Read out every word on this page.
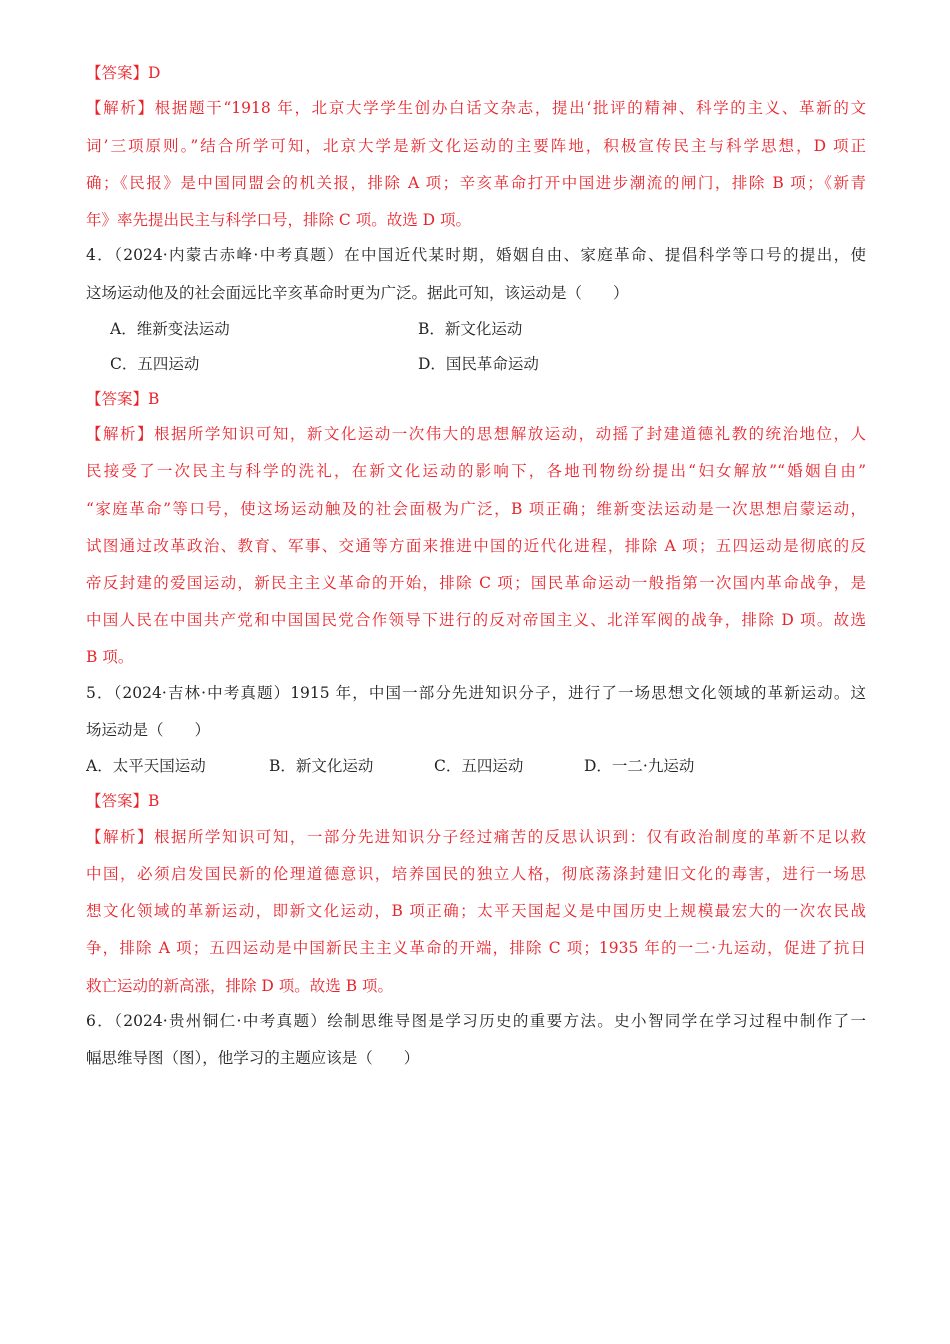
【答案】D
【解析】根据题干“1918 年，北京大学学生创办白话文杂志，提出‘批评的精神、科学的主义、革新的文
词’三项原则。”结合所学可知，北京大学是新文化运动的主要阵地，积极宣传民主与科学思想，D 项正
确；《民报》是中国同盟会的机关报，排除 A 项；辛亥革命打开中国进步潮流的闸门，排除 B 项；《新青
年》率先提出民主与科学口号，排除 C 项。故选 D 项。
4．（2024·内蒙古赤峰·中考真题）在中国近代某时期，婚姻自由、家庭革命、提倡科学等口号的提出，使
这场运动他及的社会面远比辛亥革命时更为广泛。据此可知，该运动是（　　）
A．维新变法运动	B．新文化运动
C．五四运动	D．国民革命运动
【答案】B
【解析】根据所学知识可知，新文化运动一次伟大的思想解放运动，动摇了封建道德礼教的统治地位，人
民接受了一次民主与科学的洗礼，在新文化运动的影响下，各地刊物纷纷提出“妇女解放”“婚姻自由”
“家庭革命”等口号，使这场运动触及的社会面极为广泛，B 项正确；维新变法运动是一次思想启蒙运动，
试图通过改革政治、教育、军事、交通等方面来推进中国的近代化进程，排除 A 项；五四运动是彻底的反
帝反封建的爱国运动，新民主主义革命的开始，排除 C 项；国民革命运动一般指第一次国内革命战争，是
中国人民在中国共产党和中国国民党合作领导下进行的反对帝国主义、北洋军阀的战争，排除 D 项。故选
B 项。
5．（2024·吉林·中考真题）1915 年，中国一部分先进知识分子，进行了一场思想文化领域的革新运动。这
场运动是（　　）
A．太平天国运动	B．新文化运动	C．五四运动	D．一二·九运动
【答案】B
【解析】根据所学知识可知，一部分先进知识分子经过痛苦的反思认识到：仅有政治制度的革新不足以救
中国，必须启发国民新的伦理道德意识，培养国民的独立人格，彻底荡涤封建旧文化的毒害，进行一场思
想文化领域的革新运动，即新文化运动，B 项正确；太平天国起义是中国历史上规模最宏大的一次农民战
争，排除 A 项；五四运动是中国新民主主义革命的开端，排除 C 项；1935 年的一二·九运动，促进了抗日
救亡运动的新高涨，排除 D 项。故选 B 项。
6．（2024·贵州铜仁·中考真题）绘制思维导图是学习历史的重要方法。史小智同学在学习过程中制作了一
幅思维导图（图），他学习的主题应该是（　　）
